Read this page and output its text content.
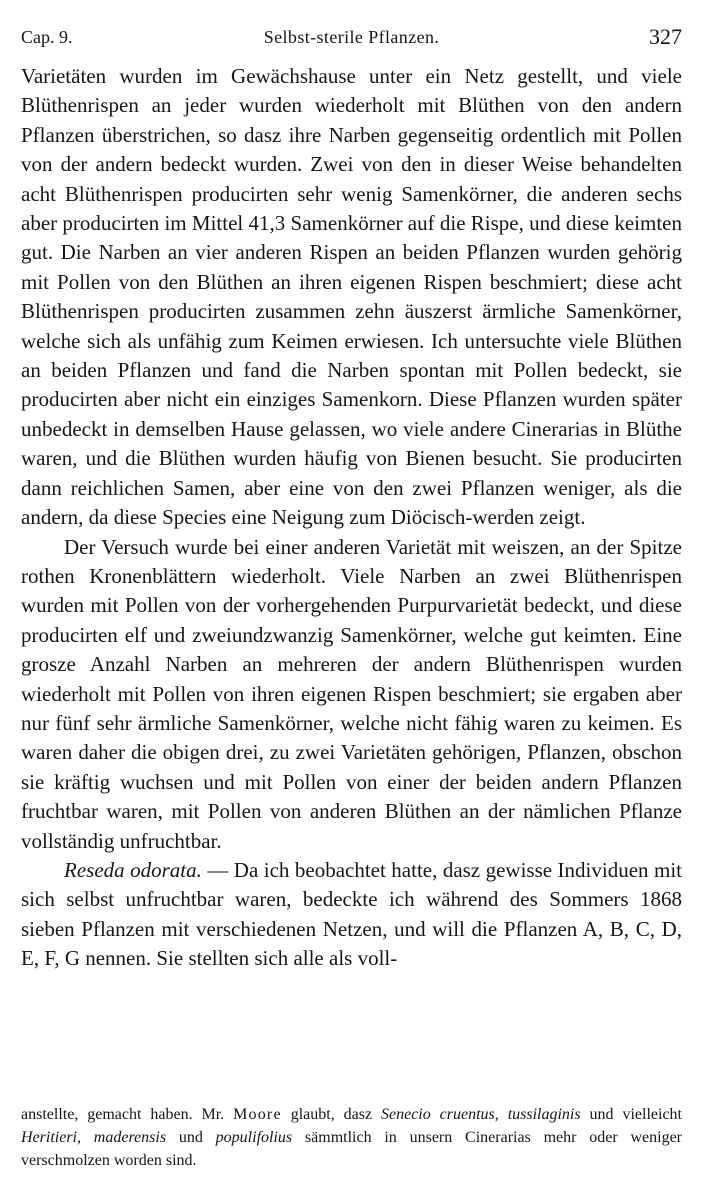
Cap. 9.	Selbst-sterile Pflanzen.	327

Varietäten wurden im Gewächshause unter ein Netz gestellt, und viele Blüthenrispen an jeder wurden wiederholt mit Blüthen von den andern Pflanzen überstrichen, so dasz ihre Narben gegenseitig ordentlich mit Pollen von der andern bedeckt wurden. Zwei von den in dieser Weise behandelten acht Blüthenrispen producirten sehr wenig Samenkörner, die anderen sechs aber producirten im Mittel 41,3 Samenkörner auf die Rispe, und diese keimten gut. Die Narben an vier anderen Rispen an beiden Pflanzen wurden gehörig mit Pollen von den Blüthen an ihren eigenen Rispen beschmiert; diese acht Blüthenrispen producirten zusammen zehn äuszerst ärmliche Samenkörner, welche sich als unfähig zum Keimen erwiesen. Ich untersuchte viele Blüthen an beiden Pflanzen und fand die Narben spontan mit Pollen bedeckt, sie producirten aber nicht ein einziges Samenkorn. Diese Pflanzen wurden später unbedeckt in demselben Hause gelassen, wo viele andere Cinerarias in Blüthe waren, und die Blüthen wurden häufig von Bienen besucht. Sie producirten dann reichlichen Samen, aber eine von den zwei Pflanzen weniger, als die andern, da diese Species eine Neigung zum Diöcisch-werden zeigt.

Der Versuch wurde bei einer anderen Varietät mit weiszen, an der Spitze rothen Kronenblättern wiederholt. Viele Narben an zwei Blüthenrispen wurden mit Pollen von der vorhergehenden Purpurvarietät bedeckt, und diese producirten elf und zweiundzwanzig Samenkörner, welche gut keimten. Eine grosze Anzahl Narben an mehreren der andern Blüthenrispen wurden wiederholt mit Pollen von ihren eigenen Rispen beschmiert; sie ergaben aber nur fünf sehr ärmliche Samenkörner, welche nicht fähig waren zu keimen. Es waren daher die obigen drei, zu zwei Varietäten gehörigen, Pflanzen, obschon sie kräftig wuchsen und mit Pollen von einer der beiden andern Pflanzen fruchtbar waren, mit Pollen von anderen Blüthen an der nämlichen Pflanze vollständig unfruchtbar.

Reseda odorata. — Da ich beobachtet hatte, dasz gewisse Individuen mit sich selbst unfruchtbar waren, bedeckte ich während des Sommers 1868 sieben Pflanzen mit verschiedenen Netzen, und will die Pflanzen A, B, C, D, E, F, G nennen. Sie stellten sich alle als voll-

anstellte, gemacht haben. Mr. Moore glaubt, dasz Senecio cruentus, tussilaginis und vielleicht Heritieri, maderensis und populifolius sämmtlich in unsern Cinerarias mehr oder weniger verschmolzen worden sind.
